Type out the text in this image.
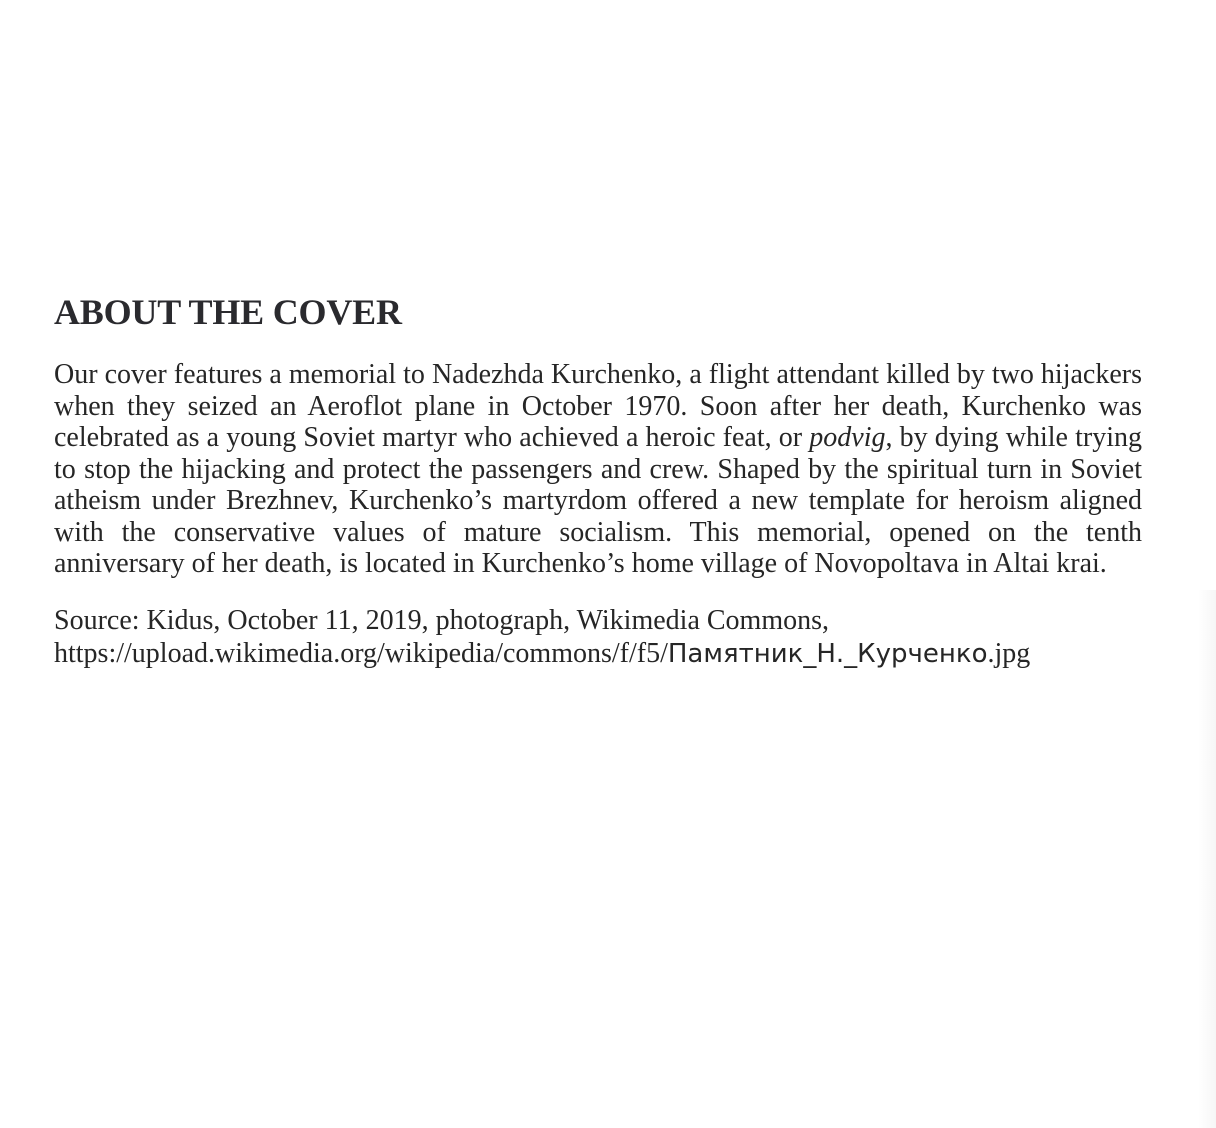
ABOUT THE COVER

Our cover features a memorial to Nadezhda Kurchenko, a flight attendant killed by two hijackers when they seized an Aeroflot plane in October 1970. Soon after her death, Kurchenko was celebrated as a young Soviet martyr who achieved a heroic feat, or podvig, by dying while trying to stop the hijacking and protect the passengers and crew. Shaped by the spiritual turn in Soviet atheism under Brezhnev, Kurchenko’s martyrdom offered a new template for heroism aligned with the conservative values of mature socialism. This memorial, opened on the tenth anniversary of her death, is located in Kurchenko’s home village of Novopoltava in Altai krai.

Source: Kidus, October 11, 2019, photograph, Wikimedia Commons,
https://upload.wikimedia.org/wikipedia/commons/f/f5/Памятник_Н._Курченко.jpg
